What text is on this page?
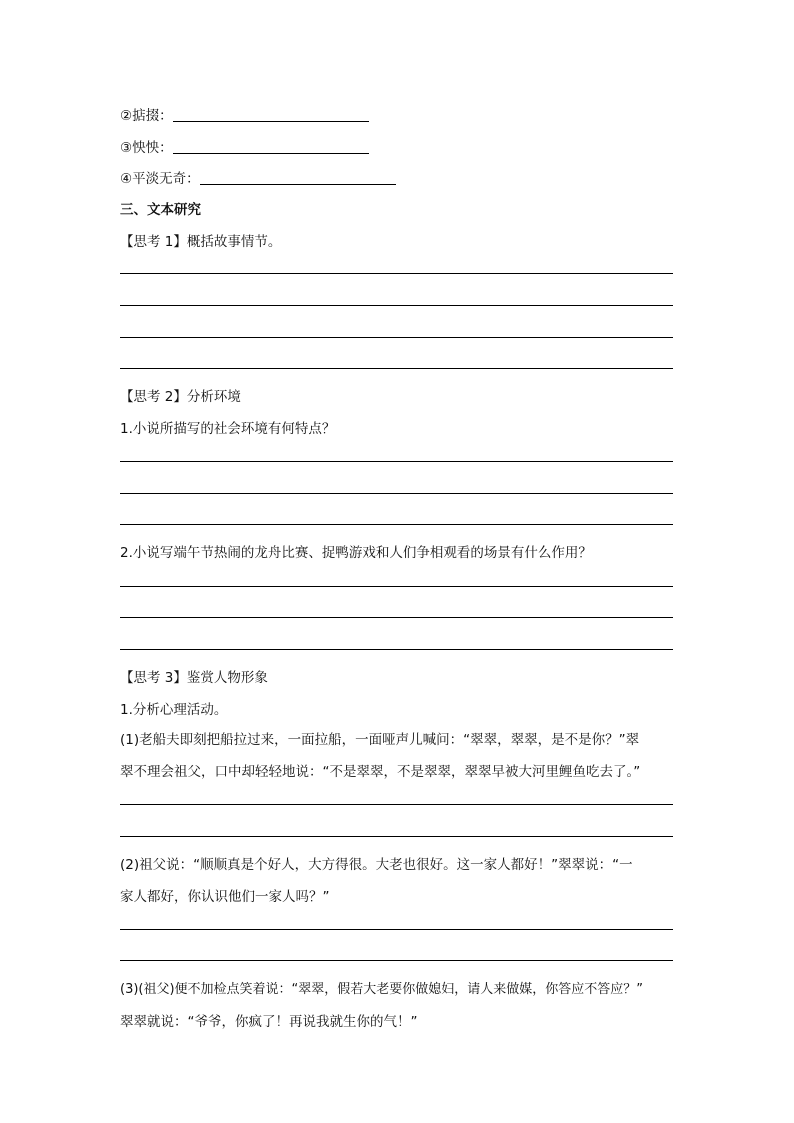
②掂掇：
③怏怏：
④平淡无奇：
三、文本研究
【思考 1】概括故事情节。
【思考 2】分析环境
1.小说所描写的社会环境有何特点？
2.小说写端午节热闹的龙舟比赛、捉鸭游戏和人们争相观看的场景有什么作用？
【思考 3】鉴赏人物形象
1.分析心理活动。
(1)老船夫即刻把船拉过来，一面拉船，一面哑声儿喊问：“翠翠，翠翠，是不是你？”翠
翠不理会祖父，口中却轻轻地说：“不是翠翠，不是翠翠，翠翠早被大河里鲤鱼吃去了。”
(2)祖父说：“顺顺真是个好人，大方得很。大老也很好。这一家人都好！”翠翠说：“一
家人都好，你认识他们一家人吗？”
(3)(祖父)便不加检点笑着说：“翠翠，假若大老要你做媳妇，请人来做媒，你答应不答应？”
翠翠就说：“爷爷，你疯了！再说我就生你的气！”
